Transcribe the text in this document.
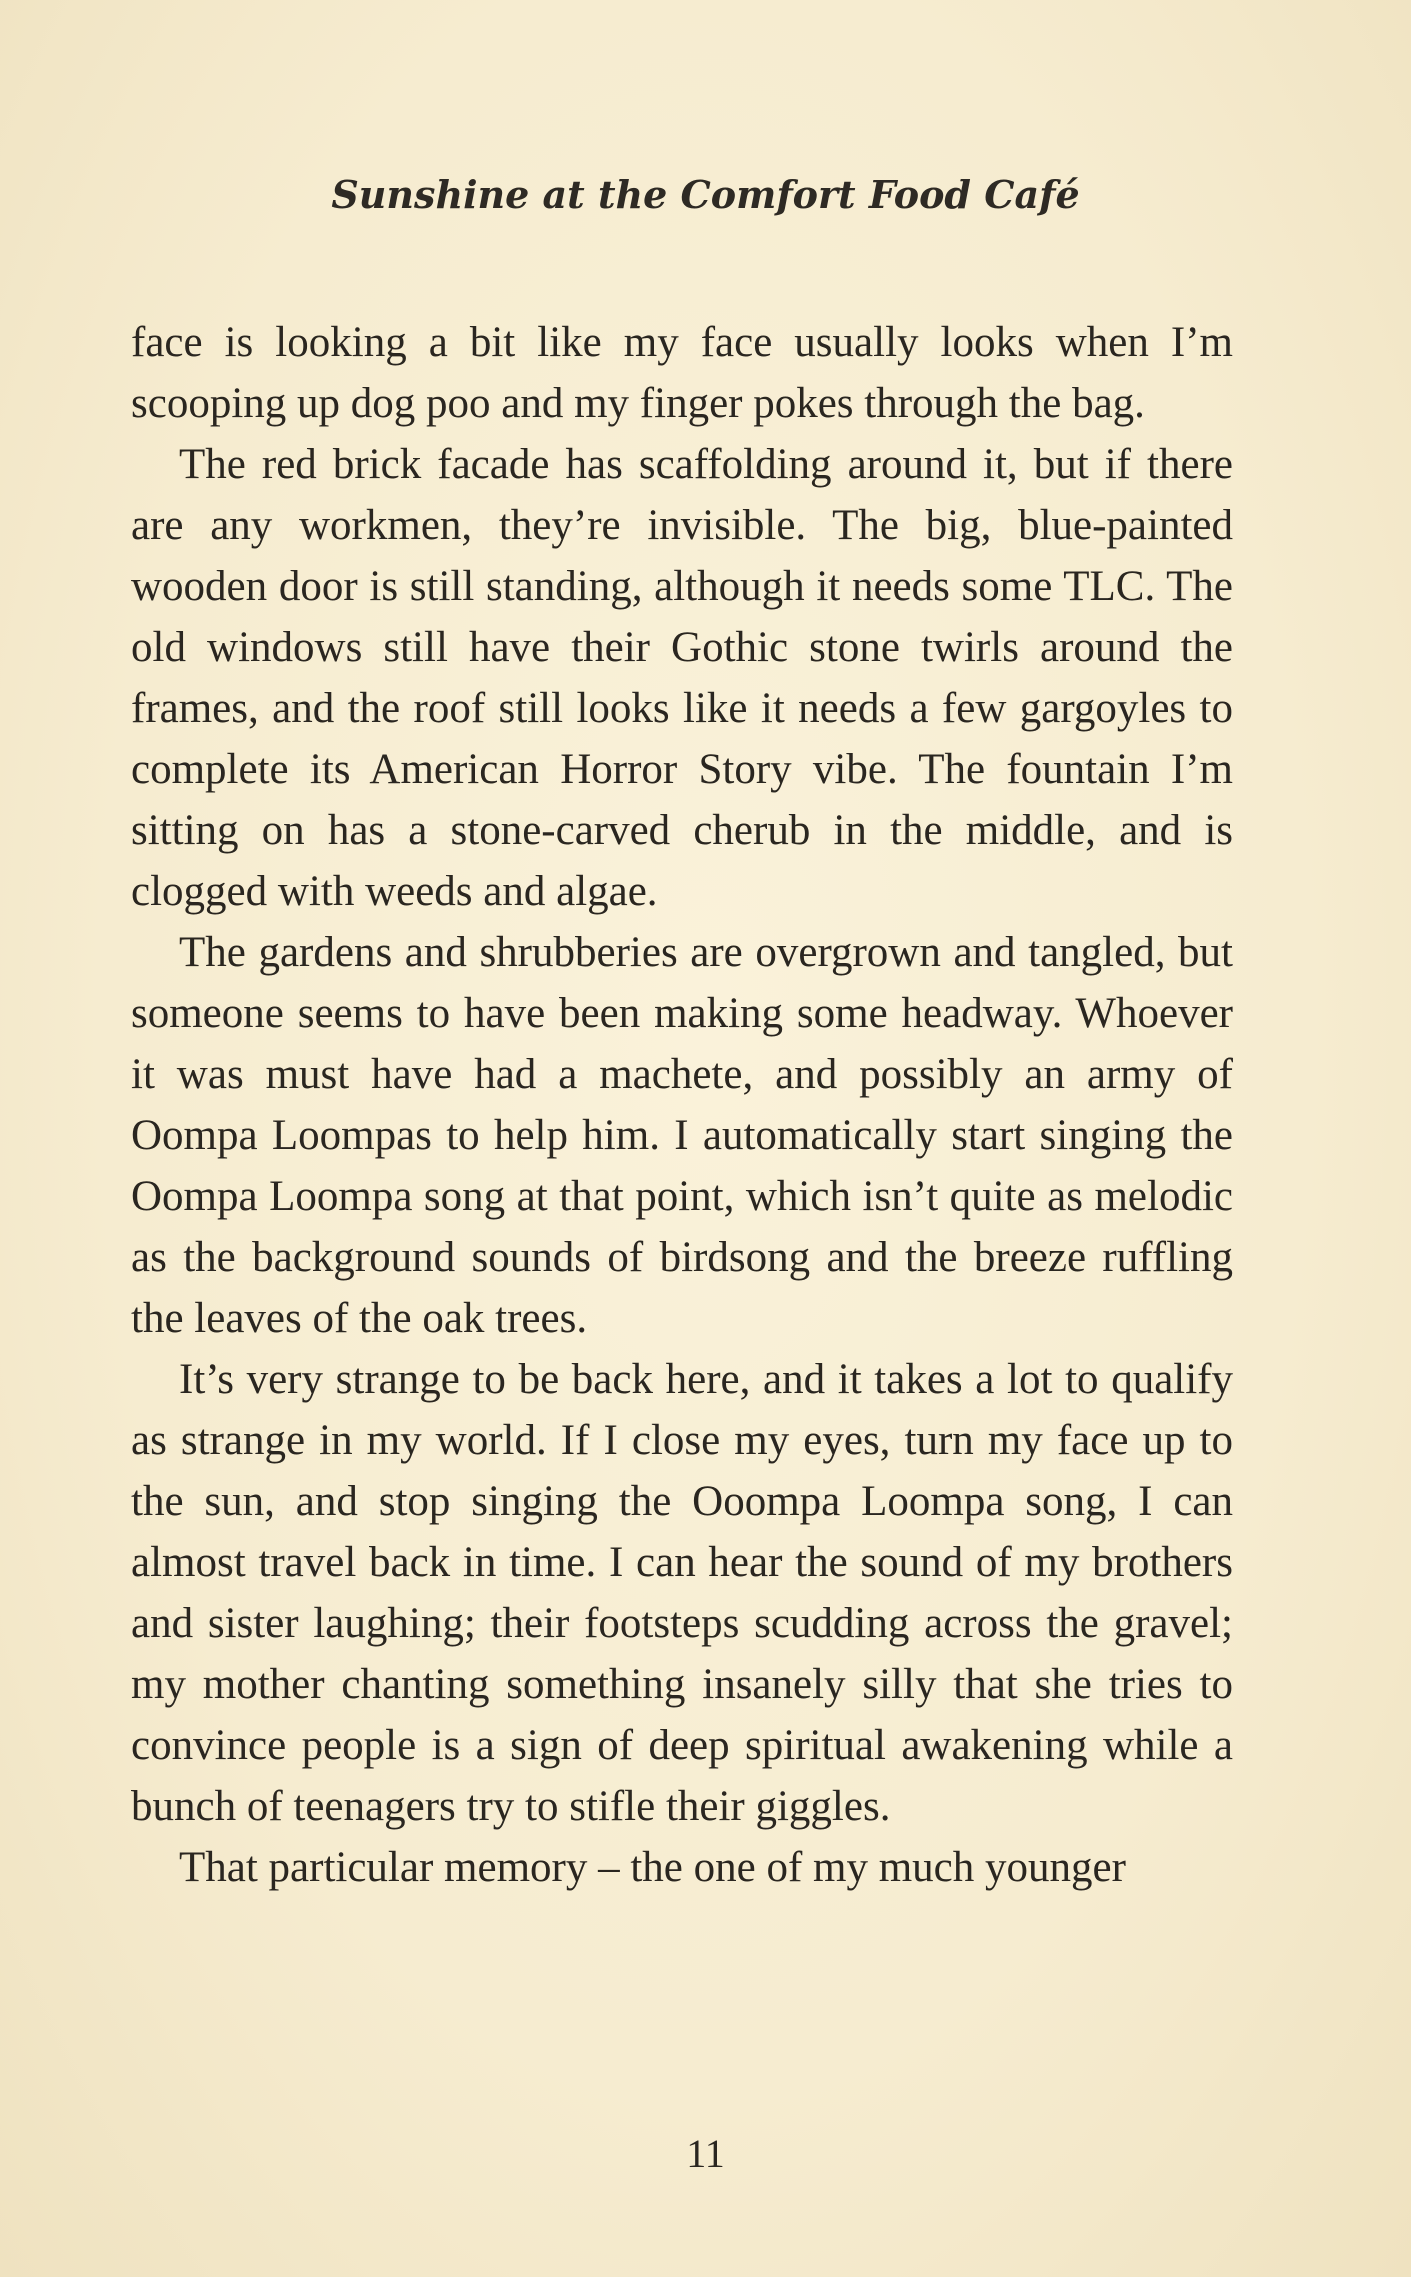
Sunshine at the Comfort Food Café

face is looking a bit like my face usually looks when I’m scooping up dog poo and my finger pokes through the bag.

The red brick facade has scaffolding around it, but if there are any workmen, they’re invisible. The big, blue-painted wooden door is still standing, although it needs some TLC. The old windows still have their Gothic stone twirls around the frames, and the roof still looks like it needs a few gargoyles to complete its American Horror Story vibe. The fountain I’m sitting on has a stone-carved cherub in the middle, and is clogged with weeds and algae.

The gardens and shrubberies are overgrown and tangled, but someone seems to have been making some headway. Whoever it was must have had a machete, and possibly an army of Oompa Loompas to help him. I automatically start singing the Oompa Loompa song at that point, which isn’t quite as melodic as the background sounds of birdsong and the breeze ruffling the leaves of the oak trees.

It’s very strange to be back here, and it takes a lot to qualify as strange in my world. If I close my eyes, turn my face up to the sun, and stop singing the Ooompa Loompa song, I can almost travel back in time. I can hear the sound of my brothers and sister laughing; their footsteps scudding across the gravel; my mother chanting something insanely silly that she tries to convince people is a sign of deep spiritual awakening while a bunch of teenagers try to stifle their giggles.

That particular memory – the one of my much younger

11
